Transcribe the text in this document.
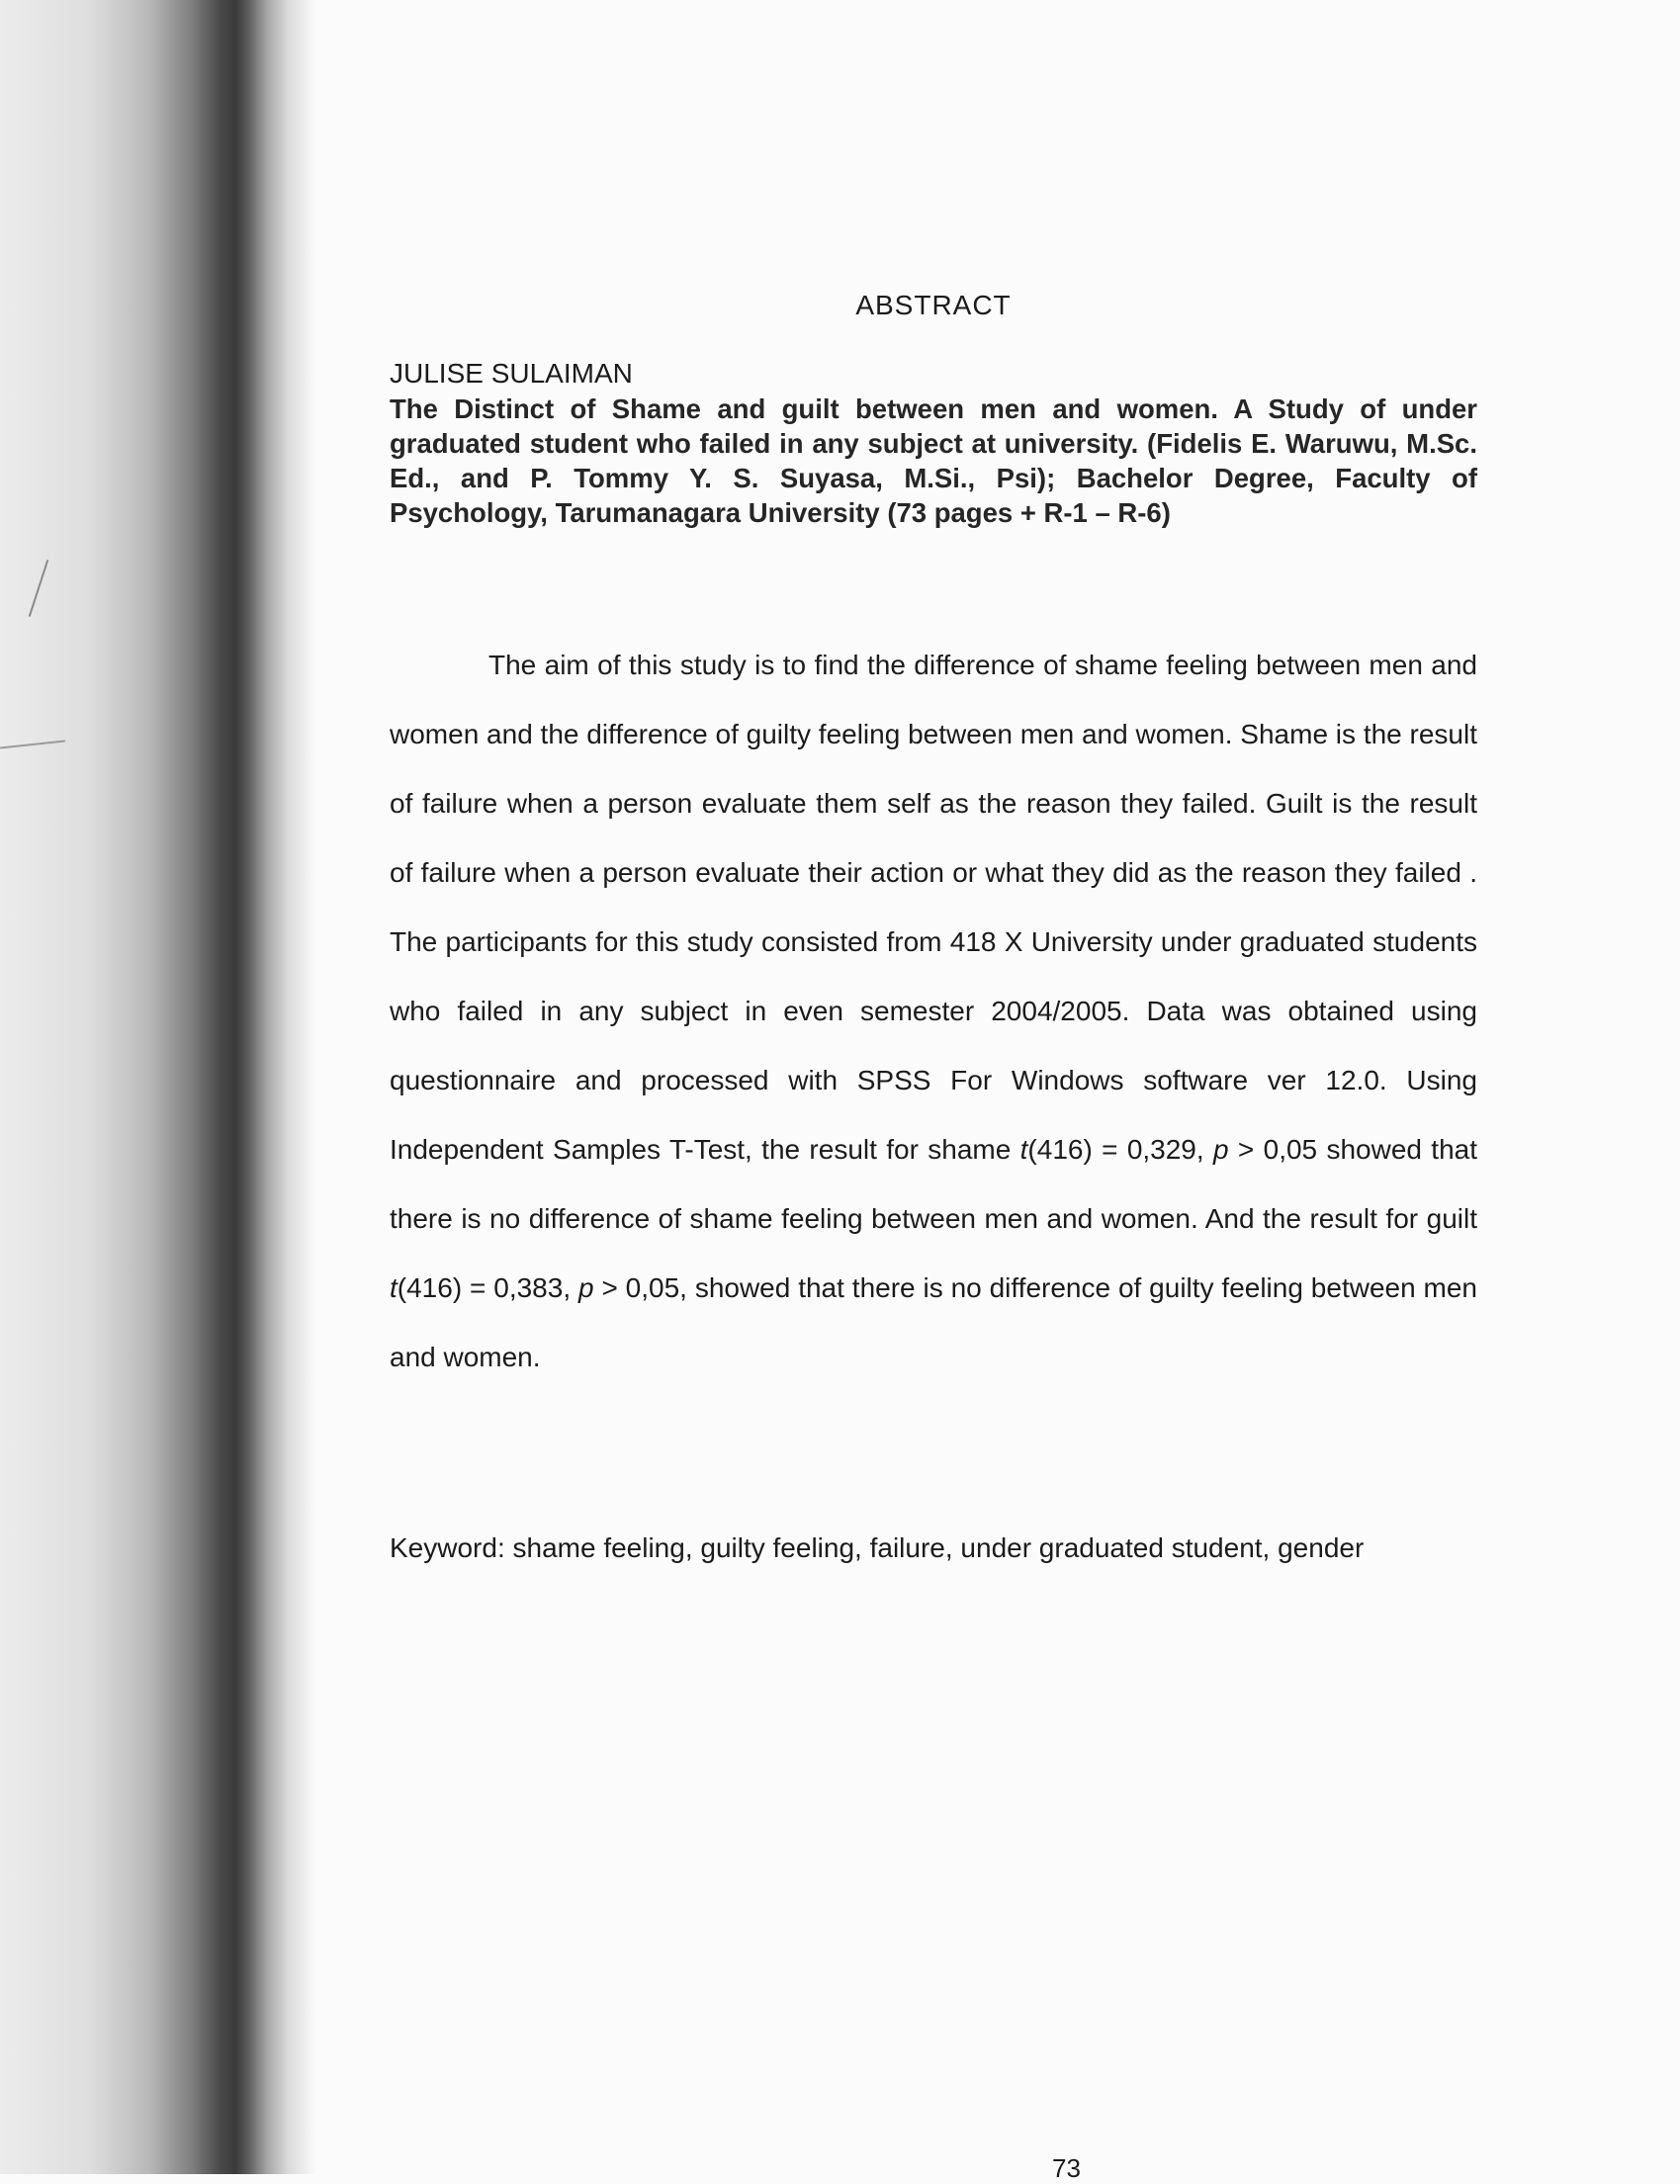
ABSTRACT
JULISE SULAIMAN
The Distinct of Shame and guilt between men and women. A Study of under graduated student who failed in any subject at university. (Fidelis E. Waruwu, M.Sc. Ed., and P. Tommy Y. S. Suyasa, M.Si., Psi); Bachelor Degree, Faculty of Psychology, Tarumanagara University (73 pages + R-1 – R-6)

The aim of this study is to find the difference of shame feeling between men and women and the difference of guilty feeling between men and women. Shame is the result of failure when a person evaluate them self as the reason they failed. Guilt is the result of failure when a person evaluate their action or what they did as the reason they failed . The participants for this study consisted from 418 X University under graduated students who failed in any subject in even semester 2004/2005. Data was obtained using questionnaire and processed with SPSS For Windows software ver 12.0. Using Independent Samples T-Test, the result for shame t(416) = 0,329, p > 0,05 showed that there is no difference of shame feeling between men and women. And the result for guilt t(416) = 0,383, p > 0,05, showed that there is no difference of guilty feeling between men and women.

Keyword: shame feeling, guilty feeling, failure, under graduated student, gender
73
